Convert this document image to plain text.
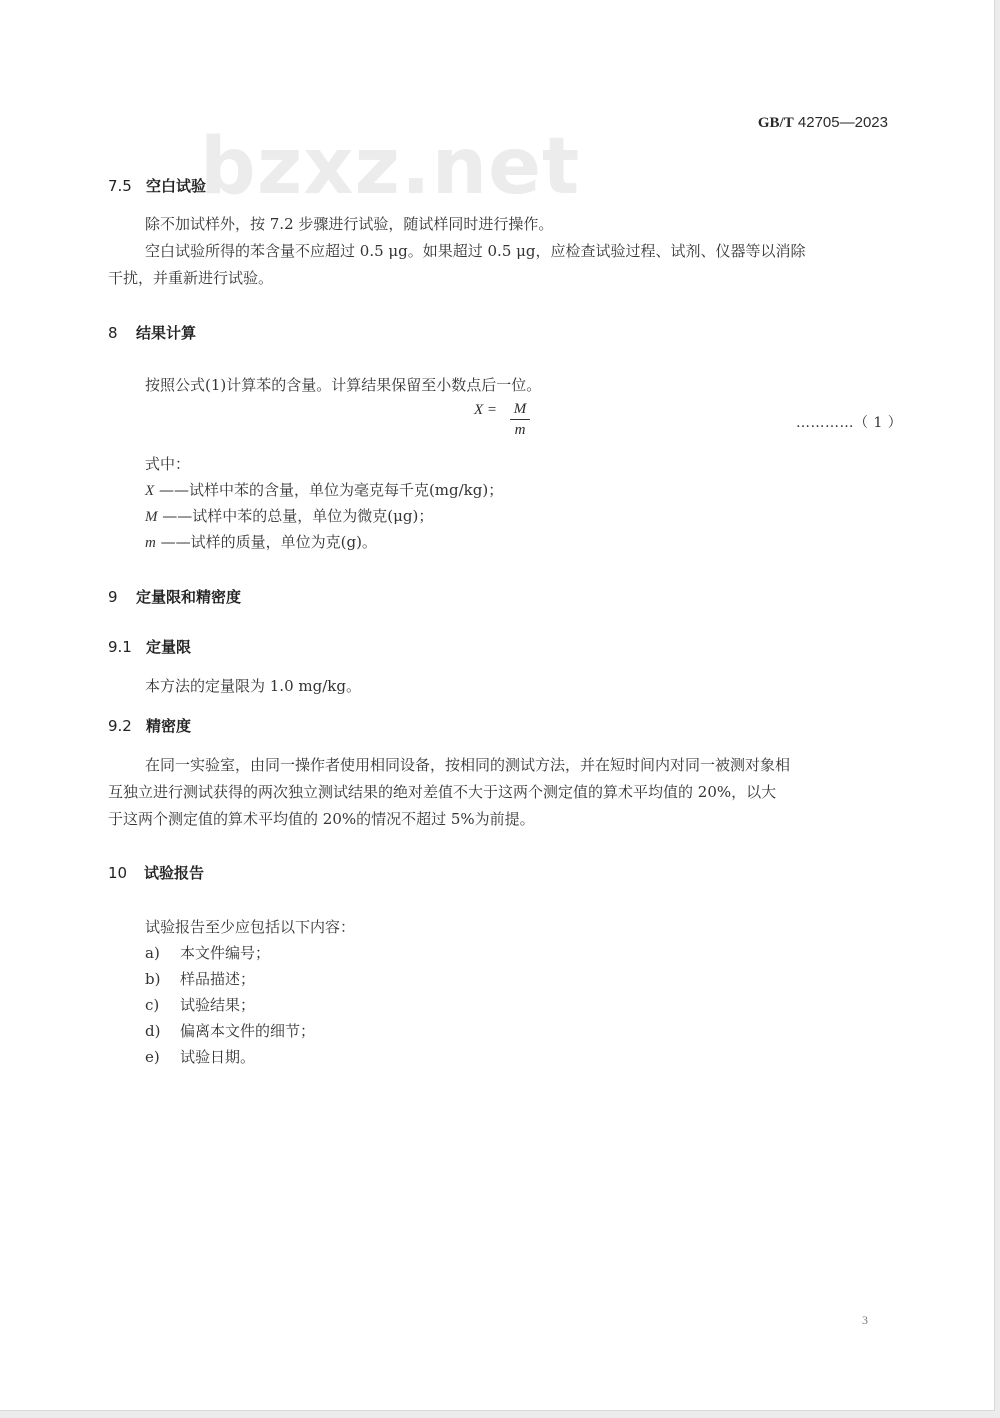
bzxz.net	GB/T 42705—2023
7.5 空白试验
除不加试样外，按 7.2 步骤进行试验，随试样同时进行操作。
空白试验所得的苯含量不应超过 0.5 μg。如果超过 0.5 μg，应检查试验过程、试剂、仪器等以消除
干扰，并重新进行试验。
8 结果计算
按照公式(1)计算苯的含量。计算结果保留至小数点后一位。
X = M
m	…………（ 1 ）
式中：
X ——试样中苯的含量，单位为毫克每千克(mg/kg)；
M ——试样中苯的总量，单位为微克(μg)；
m ——试样的质量，单位为克(g)。
9 定量限和精密度
9.1 定量限
本方法的定量限为 1.0 mg/kg。
9.2 精密度
在同一实验室，由同一操作者使用相同设备，按相同的测试方法，并在短时间内对同一被测对象相
互独立进行测试获得的两次独立测试结果的绝对差值不大于这两个测定值的算术平均值的 20%，以大
于这两个测定值的算术平均值的 20%的情况不超过 5%为前提。
10 试验报告
试验报告至少应包括以下内容：
a) 本文件编号；
b) 样品描述；
c) 试验结果；
d) 偏离本文件的细节；
e) 试验日期。
3
